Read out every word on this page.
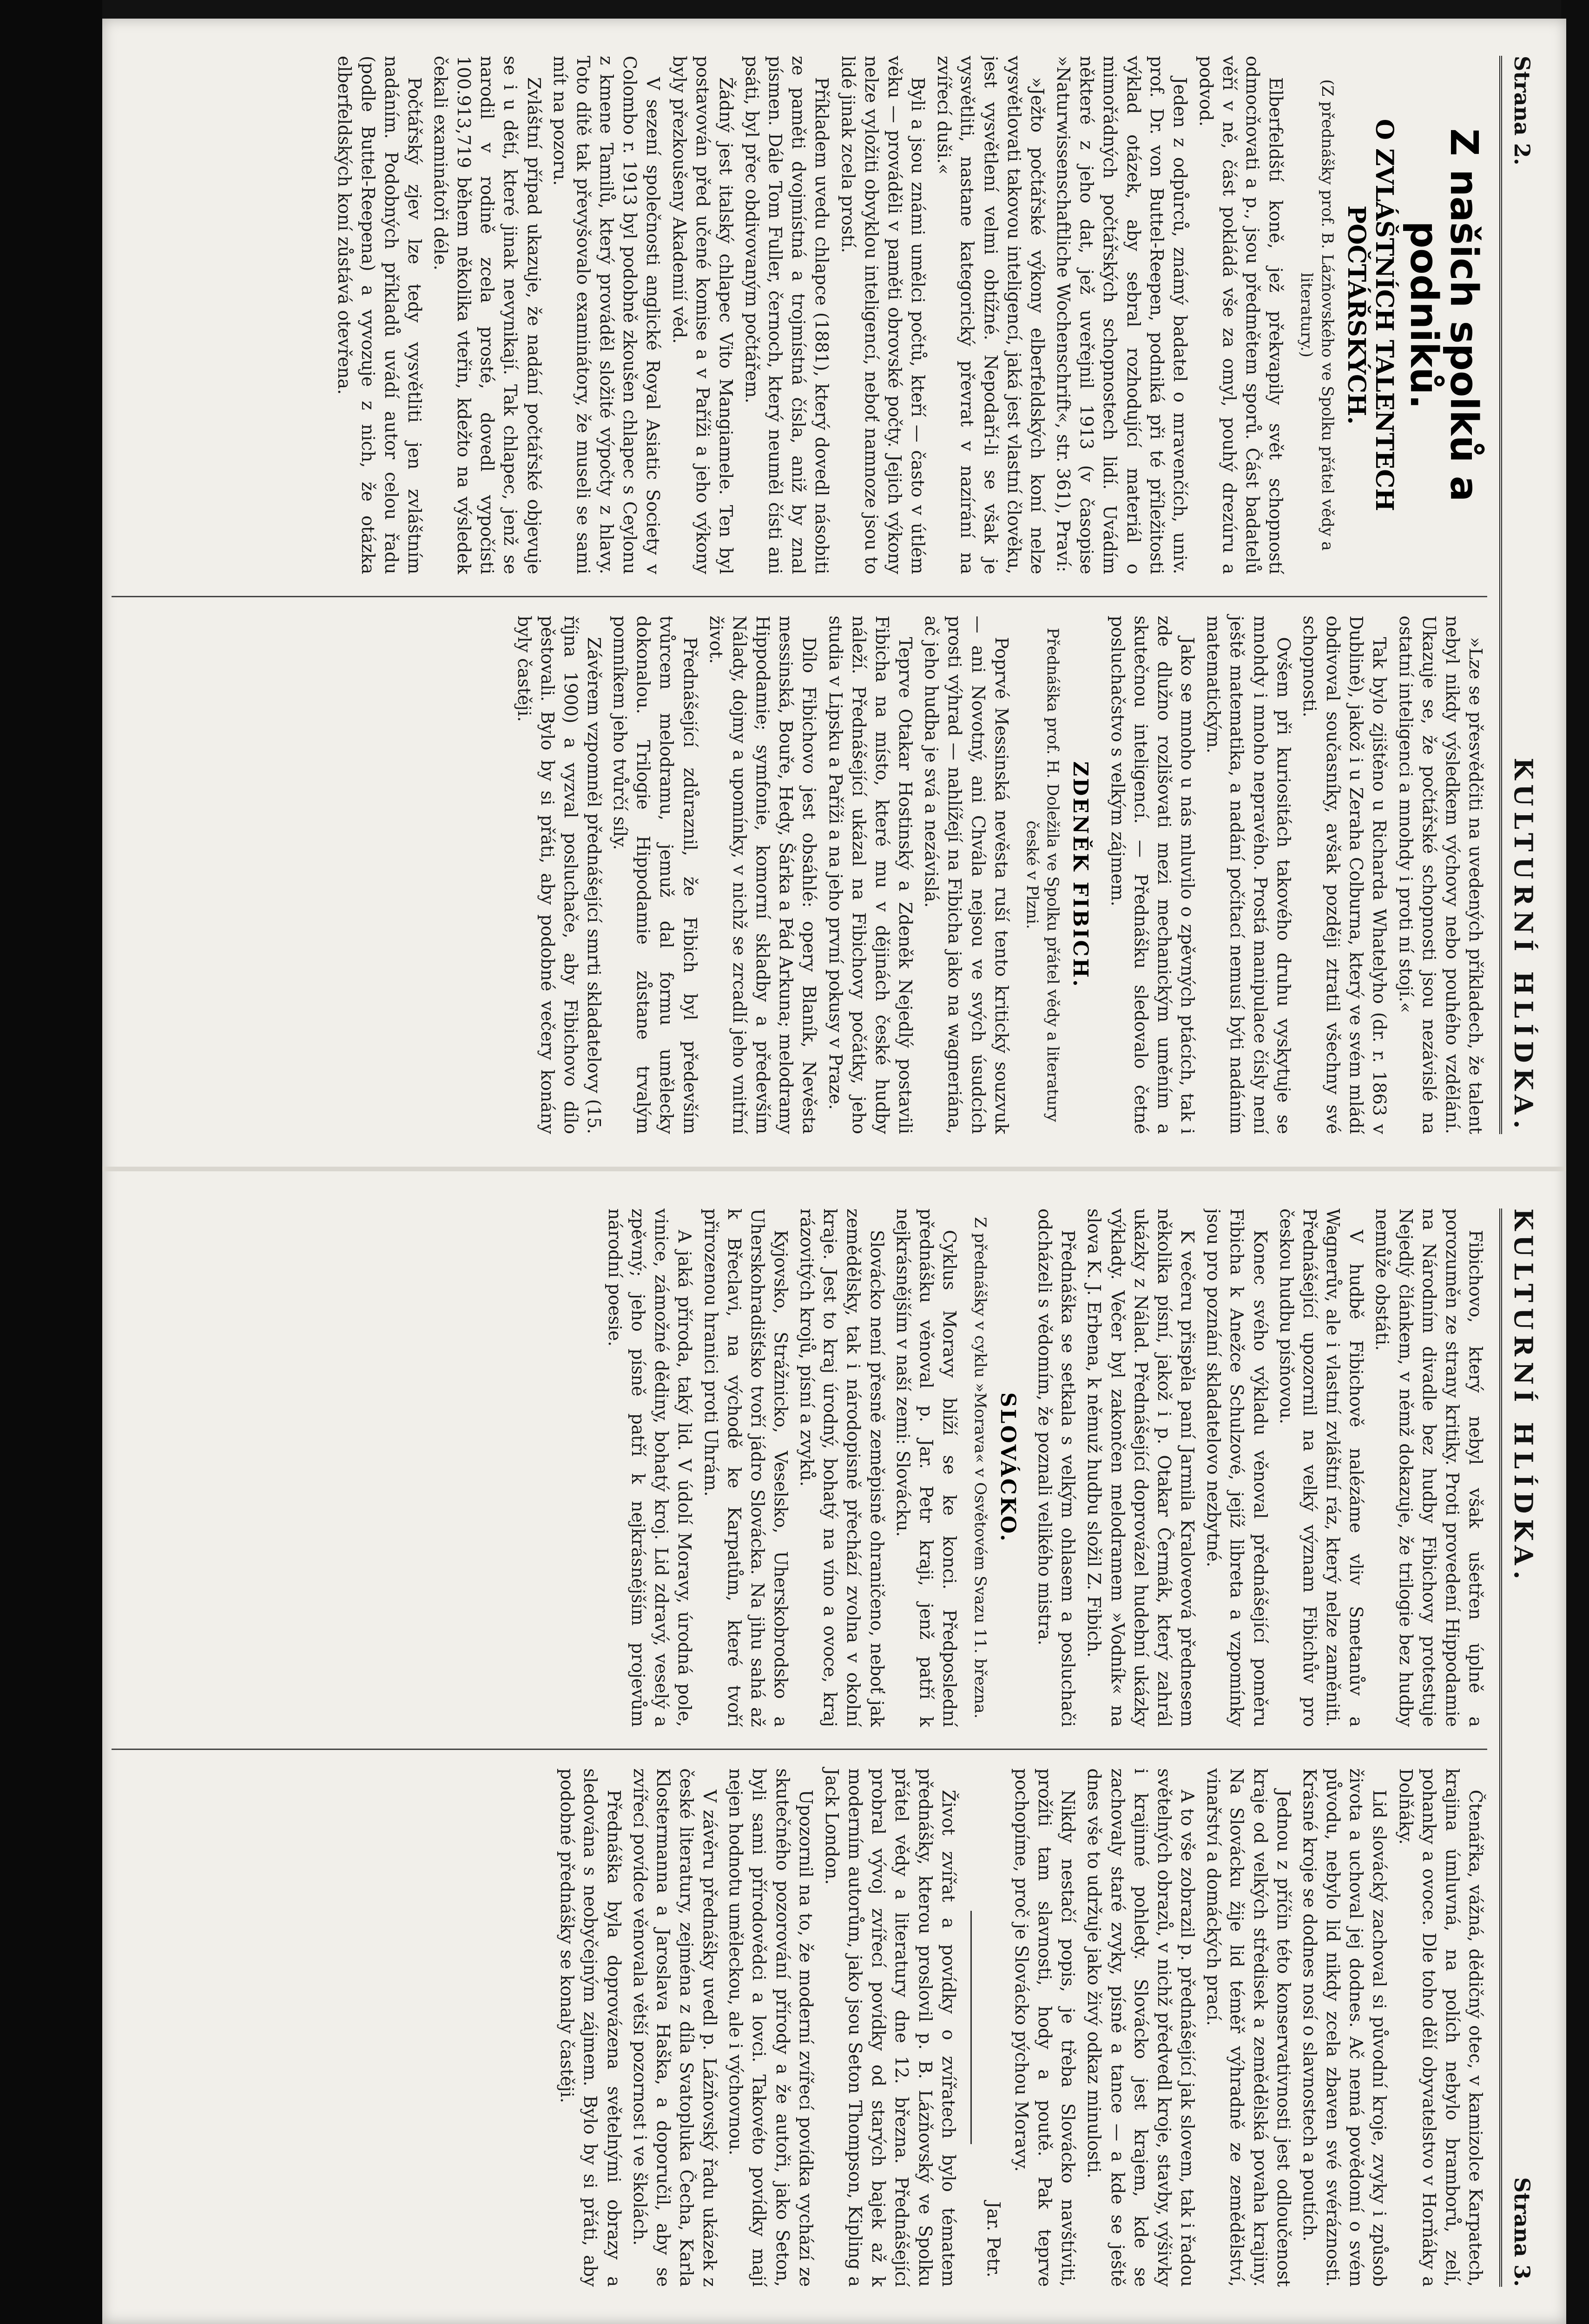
Strana 2.
KULTURNÍ HLÍDKA.
Z našich spolků a podniků.
O ZVLÁŠTNÍCH TALENTECH POČTÁŘSKÝCH.
(Z přednášky prof. B. Lázňovského ve Spolku přátel vědy a literatury.)

Elberfeldští koně, jež překvapily svět schopností odmocňovati a p., jsou předmětem sporů. Část badatelů věří v ně, část pokládá vše za omyl, pouhý drezúru a podvod.

Jeden z odpůrců, známý badatel o mravenčích, univ. prof. Dr. von Buttel-Reepen, podniká při té příležitosti výklad otázek, aby sebral rozhodující materiál o mimořádných počtářských schopnostech lidí. Uvádím některé z jeho dat, jež uveřejnil 1913 (v časopise »Naturwissenschaftliche Wochenschrift«, str. 361), Praví:

»Ježto počtářské výkony elberfeldských koní nelze vysvětlovati takovou inteligencí, jaká jest vlastní člověku, jest vysvětlení velmi obtížné. Nepodaří-li se však je vysvětliti, nastane kategorický převrat v nazírání na zvířecí duši.«

Byli a jsou známi umělci počtů, kteří — často v útlém věku — prováděli v paměti obrovské počty. Jejich výkony nelze vyložiti obvyklou inteligencí, neboť namnoze jsou to lidé jinak zcela prostí.

Příkladem uvedu chlapce (1881), který dovedl násobiti ze paměti dvojmístná a trojmístná čísla, aniž by znal písmen. Dále Tom Fuller, černoch, který neuměl čísti ani psáti, byl přec obdivovaným počtářem.

Žádný jest italský chlapec Vito Mangiamele. Ten byl postavován před učené komise a v Paříži a jeho výkony byly přezkoušeny Akademií věd.

V sezení společnosti anglické Royal Asiatic Society v Colombo r. 1913 byl podobně zkoušen chlapec s Ceylonu z kmene Tamilů, který prováděl složité výpočty z hlavy. Toto dítě tak převyšovalo examinátory, že museli se sami mít na pozoru.

Zvláštní případ ukazuje, že nadání počtářské objevuje se i u dětí, které jinak nevynikají. Tak chlapec, jenž se narodil v rodině zcela prosté, dovedl vypočísti 100.913,719 během několika vteřin, kdežto na výsledek čekali examinátoři déle.

Počtářský zjev lze tedy vysvětliti jen zvláštním nadáním. Podobných příkladů uvádí autor celou řadu (podle Buttel-Reepena) a vyvozuje z nich, že otázka elberfeldských koní zůstává otevřena.

»Lze se přesvědčiti na uvedených příkladech, že talent nebyl nikdy výsledkem výchovy nebo pouhého vzdělání. Ukazuje se, že počtářské schopnosti jsou nezávislé na ostatní inteligenci a mnohdy i proti ní stojí.«

Tak bylo zjištěno u Richarda Whatelyho (dr. r. 1863 v Dublině), jakož i u Zeraha Colburna, který ve svém mládí obdivoval současníky, avšak později ztratil všechny své schopnosti.

Ovšem při kuriositách takového druhu vyskytuje se mnohdy i mnoho nepravého. Prostá manipulace čísly není ještě matematika, a nadání počítací nemusí býti nadáním matematickým.

Jako se mnoho u nás mluvilo o zpěvných ptácích, tak i zde dlužno rozlišovati mezi mechanickým uměním a skutečnou inteligencí. — Přednášku sledovalo četné posluchačstvo s velkým zájmem.

ZDENĚK FIBICH.
Přednáška prof. H. Doležila ve Spolku přátel vědy a literatury české v Plzni.

Poprvé Messinská nevěsta ruší tento kritický souzvuk — ani Novotný, ani Chvála nejsou ve svých úsudcích prosti výhrad — nahlížejí na Fibicha jako na wagneriána, ač jeho hudba je svá a nezávislá.

Teprve Otakar Hostinský a Zdeněk Nejedlý postavili Fibicha na místo, které mu v dějinách české hudby náleží. Přednášející ukázal na Fibichovy počátky, jeho studia v Lipsku a Paříži a na jeho první pokusy v Praze.

Dílo Fibichovo jest obsáhlé: opery Blaník, Nevěsta messinská, Bouře, Hedy, Šárka a Pád Arkuna; melodramy Hippodamie; symfonie, komorní skladby a především Nálady, dojmy a upomínky, v nichž se zrcadlí jeho vnitřní život.

Přednášející zdůraznil, že Fibich byl především tvůrcem melodramu, jemuž dal formu umělecky dokonalou. Trilogie Hippodamie zůstane trvalým pomníkem jeho tvůrčí síly.

Závěrem vzpomněl přednášející smrti skladatelovy (15. října 1900) a vyzval posluchače, aby Fibichovo dílo pěstovali. Bylo by si přáti, aby podobné večery konány byly častěji.

KULTURNÍ HLÍDKA.
Strana 3.

Fibichovo, který nebyl však ušetřen úplně a porozuměn ze strany kritiky. Proti provedení Hippodamie na Národním divadle bez hudby Fibichovy protestuje Nejedlý článkem, v němž dokazuje, že trilogie bez hudby nemůže obstáti.

V hudbě Fibichově nalézáme vliv Smetanův a Wagnerův, ale i vlastní zvláštní ráz, který nelze zaměniti. Přednášející upozornil na velký význam Fibichův pro českou hudbu písňovou.

Konec svého výkladu věnoval přednášející poměru Fibicha k Anežce Schulzové, jejíž libreta a vzpomínky jsou pro poznání skladatelovo nezbytné.

K večeru přispěla paní Jarmila Kraloveová přednesem několika písní, jakož i p. Otakar Čermák, který zahrál ukázky z Nálad. Přednášející doprovázel hudební ukázky výklady. Večer byl zakončen melodramem »Vodník« na slova K. J. Erbena, k němuž hudbu složil Z. Fibich.

Přednáška se setkala s velkým ohlasem a posluchači odcházeli s vědomím, že poznali velikého mistra.

SLOVÁCKO.
Z přednášky v cyklu »Morava« v Osvětovém Svazu 11. března.

Cyklus Moravy blíží se ke konci. Předposlední přednášku věnoval p. Jar. Petr kraji, jenž patří k nejkrásnějším v naší zemi: Slovácku.

Slovácko není přesně zeměpisně ohraničeno, neboť jak zemědělsky, tak i národopisně přechází zvolna v okolní kraje. Jest to kraj úrodný, bohatý na víno a ovoce, kraj rázovitých krojů, písní a zvyků.

Kyjovsko, Strážnicko, Veselsko, Uherskobrodsko a Uherskohradišťsko tvoří jádro Slovácka. Na jihu sahá až k Břeclavi, na východě ke Karpatům, které tvoří přirozenou hranici proti Uhrám.

A jaká příroda, taký lid. V údolí Moravy, úrodná pole, vinice, zámožné dědiny, bohatý kroj. Lid zdravý, veselý a zpěvný; jeho písně patří k nejkrásnějším projevům národní poesie.

Čtenářka, vážná, dědičný otec, v kamizolce Karpatech, krajina úmluvná, na polích nebylo bramborů, zelí, pohanky a ovoce. Dle toho dělí obyvatelstvo v Horňáky a Dolňáky.

Lid slovácký zachoval si původní kroje, zvyky i způsob života a uchoval jej dodnes. Ač nemá povědomí o svém původu, nebylo lid nikdy zcela zbaven své svéráznosti. Krásné kroje se dodnes nosí o slavnostech a poutích.

Jednou z příčin této konservativnosti jest odloučenost kraje od velkých středisek a zemědělská povaha krajiny. Na Slovácku žije lid téměř výhradně ze zemědělství, vinařství a domáckých prací.

A to vše zobrazil p. přednášející jak slovem, tak i řadou světelných obrazů, v nichž předvedl kroje, stavby, výšivky i krajinné pohledy. Slovácko jest krajem, kde se zachovaly staré zvyky, písně a tance — a kde se ještě dnes vše to udržuje jako živý odkaz minulosti.

Nikdy nestačí popis, je třeba Slovácko navštíviti, prožíti tam slavnosti, hody a poutě. Pak teprve pochopíme, proč je Slovácko pýchou Moravy.

Jar. Petr.

Život zvířat a povídky o zvířatech bylo tématem přednášky, kterou proslovil p. B. Lázňovský ve Spolku přátel vědy a literatury dne 12. března. Přednášející probral vývoj zvířecí povídky od starých bajek až k moderním autorům, jako jsou Seton Thompson, Kipling a Jack London.

Upozornil na to, že moderní zvířecí povídka vychází ze skutečného pozorování přírody a že autoři, jako Seton, byli sami přírodovědci a lovci. Takovéto povídky mají nejen hodnotu uměleckou, ale i výchovnou.

V závěru přednášky uvedl p. Lázňovský řadu ukázek z české literatury, zejména z díla Svatopluka Čecha, Karla Klostermanna a Jaroslava Haška, a doporučil, aby se zvířecí povídce věnovala větší pozornost i ve školách.

Přednáška byla doprovázena světelnými obrazy a sledována s neobyčejným zájmem. Bylo by si přáti, aby podobné přednášky se konaly častěji.
